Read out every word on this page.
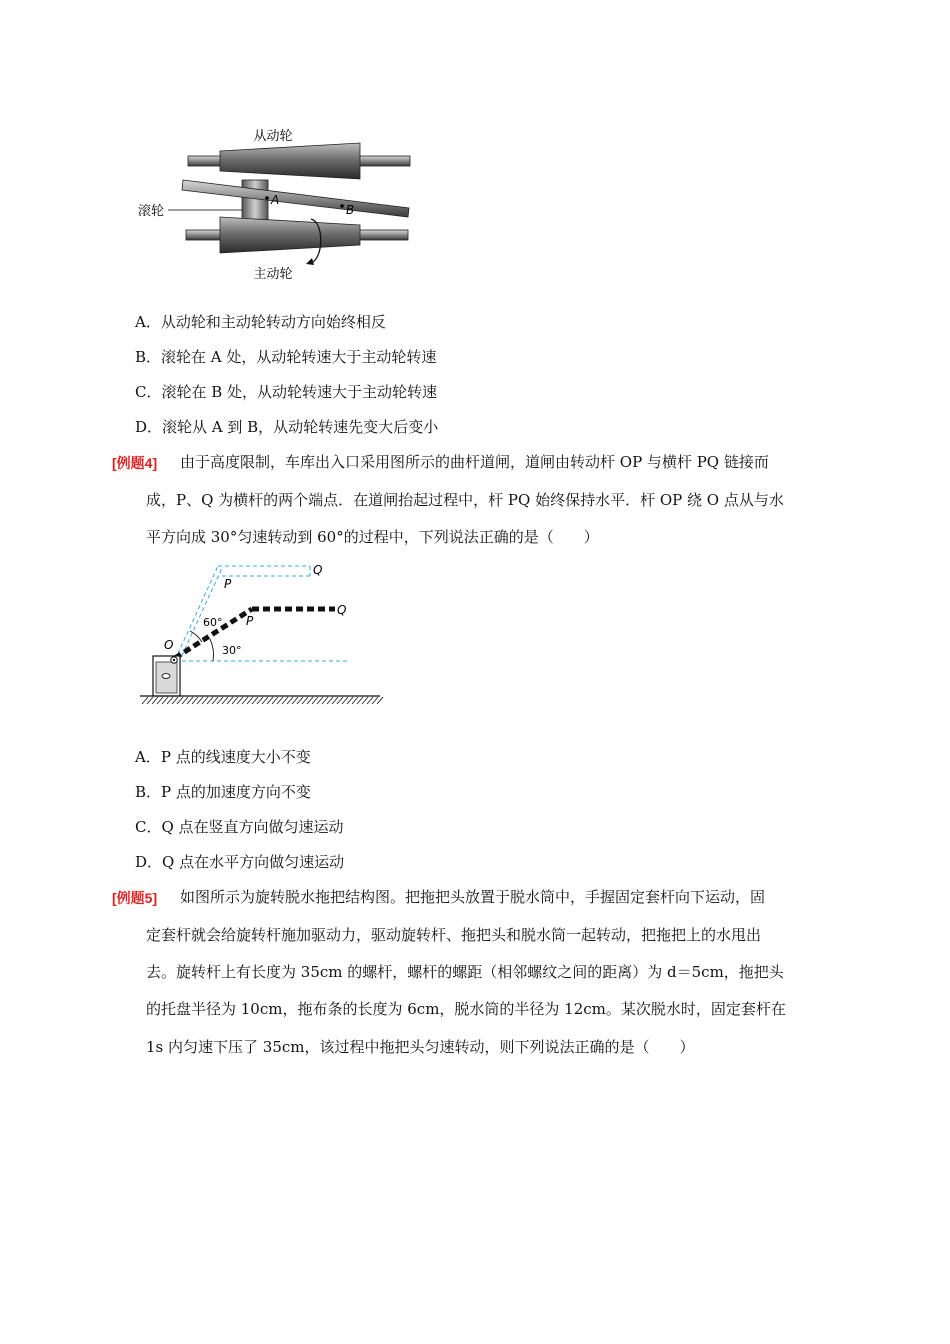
从动轮
A
B
滚轮
主动轮
A．从动轮和主动轮转动方向始终相反
B．滚轮在 A 处，从动轮转速大于主动轮转速
C．滚轮在 B 处，从动轮转速大于主动轮转速
D．滚轮从 A 到 B，从动轮转速先变大后变小
[例题4] 由于高度限制，车库出入口采用图所示的曲杆道闸，道闸由转动杆 OP 与横杆 PQ 链接而
成，P、Q 为横杆的两个端点．在道闸抬起过程中，杆 PQ 始终保持水平．杆 OP 绕 O 点从与水
平方向成 30°匀速转动到 60°的过程中，下列说法正确的是（　　）
P
Q
P
Q
O
60°
30°
A．P 点的线速度大小不变
B．P 点的加速度方向不变
C．Q 点在竖直方向做匀速运动
D．Q 点在水平方向做匀速运动
[例题5] 如图所示为旋转脱水拖把结构图。把拖把头放置于脱水筒中，手握固定套杆向下运动，固
定套杆就会给旋转杆施加驱动力，驱动旋转杆、拖把头和脱水筒一起转动，把拖把上的水甩出
去。旋转杆上有长度为 35cm 的螺杆，螺杆的螺距（相邻螺纹之间的距离）为 d＝5cm，拖把头
的托盘半径为 10cm，拖布条的长度为 6cm，脱水筒的半径为 12cm。某次脱水时，固定套杆在
1s 内匀速下压了 35cm，该过程中拖把头匀速转动，则下列说法正确的是（　　）
